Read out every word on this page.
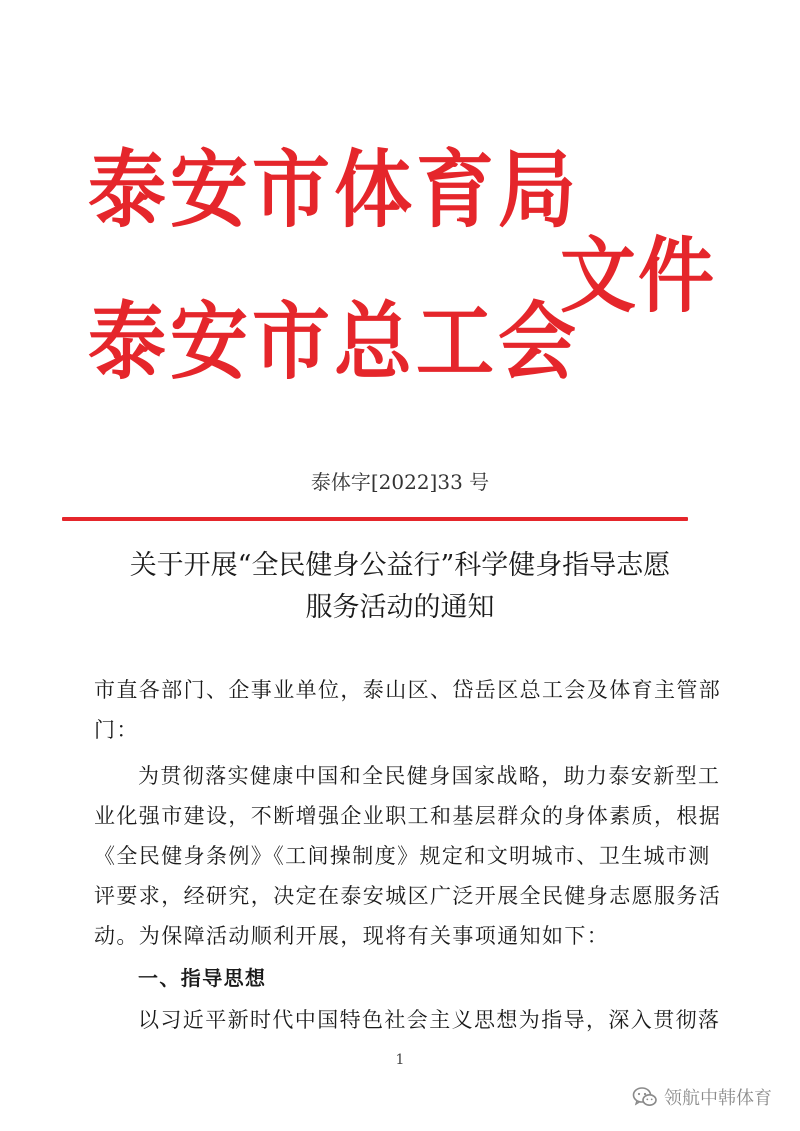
泰安市体育局
泰安市总工会
文件
泰体字[2022]33 号
关于开展“全民健身公益行”科学健身指导志愿
服务活动的通知
市直各部门、企事业单位，泰山区、岱岳区总工会及体育主管部
门：
为贯彻落实健康中国和全民健身国家战略，助力泰安新型工
业化强市建设，不断增强企业职工和基层群众的身体素质，根据
《全民健身条例》《工间操制度》规定和文明城市、卫生城市测
评要求，经研究，决定在泰安城区广泛开展全民健身志愿服务活
动。为保障活动顺利开展，现将有关事项通知如下：
一、指导思想
以习近平新时代中国特色社会主义思想为指导，深入贯彻落
1
领航中韩体育
